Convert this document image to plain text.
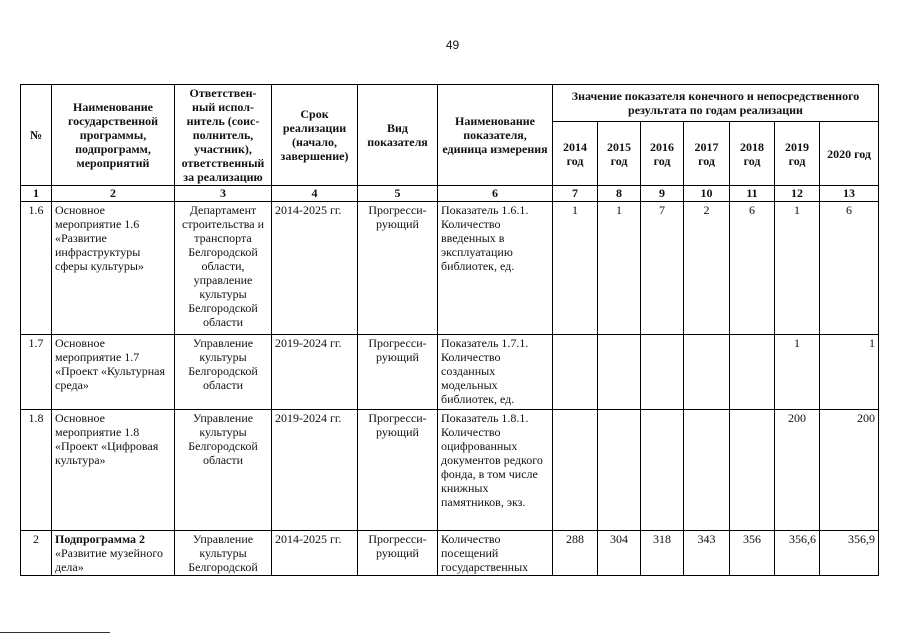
49
№	Наименование государственной программы, подпрограмм, мероприятий	Ответствен-ный испол-нитель (соис-полнитель, участник), ответственный за реализацию	Срок реализации (начало, завершение)	Вид показателя	Наименование показателя, единица измерения	Значение показателя конечного и непосредственного результата по годам реализации						
						2014 год	2015 год	2016 год	2017 год	2018 год	2019 год	2020 год
1	2	3	4	5	6	7	8	9	10	11	12	13
1.6	Основное мероприятие 1.6 «Развитие инфраструктуры сферы культуры»	Департамент строительства и транспорта Белгородской области, управление культуры Белгородской области	2014-2025 гг.	Прогресси-рующий	Показатель 1.6.1. Количество введенных в эксплуатацию библиотек, ед.	1	1	7	2	6	1	6
1.7	Основное мероприятие 1.7 «Проект «Культурная среда»	Управление культуры Белгородской области	2019-2024 гг.	Прогресси-рующий	Показатель 1.7.1. Количество созданных модельных библиотек, ед.						1	1
1.8	Основное мероприятие 1.8 «Проект «Цифровая культура»	Управление культуры Белгородской области	2019-2024 гг.	Прогресси-рующий	Показатель 1.8.1. Количество оцифрованных документов редкого фонда, в том числе книжных памятников, экз.						200	200
2	Подпрограмма 2 «Развитие музейного дела»	Управление культуры Белгородской	2014-2025 гг.	Прогресси-рующий	Количество посещений государственных	288	304	318	343	356	356,6	356,9
